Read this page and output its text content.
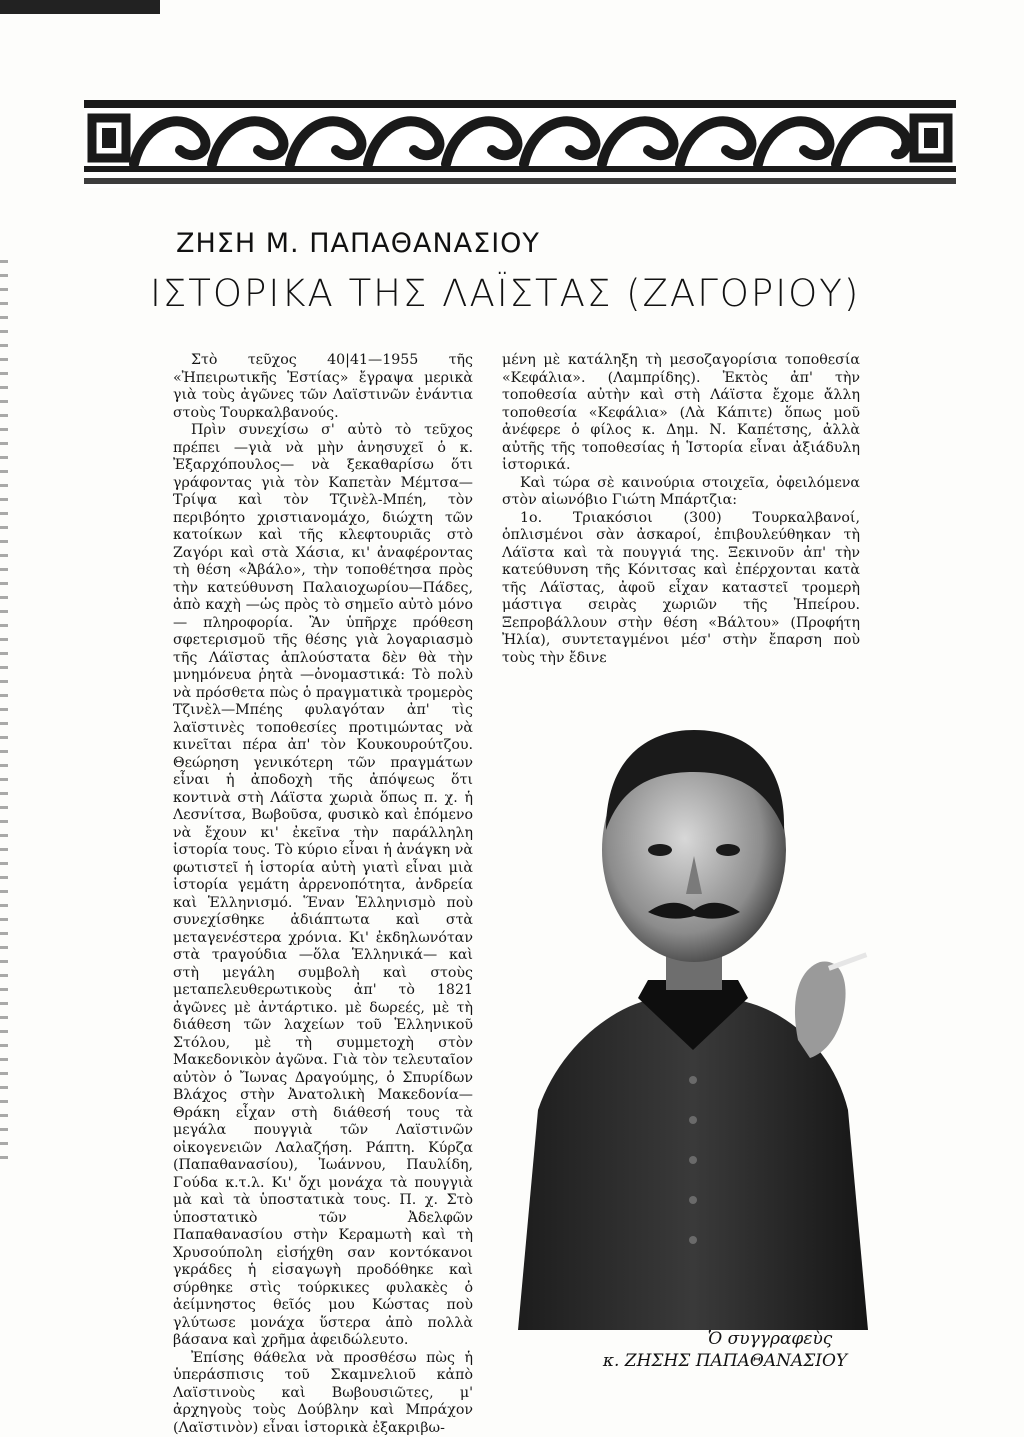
ΖΗΣΗ Μ. ΠΑΠΑΘΑΝΑΣΙΟΥ
ΙΣΤΟΡΙΚΑ ΤΗΣ ΛΑΪΣΤΑΣ (ΖΑΓΟΡΙΟΥ)

Στὸ τεῦχος 40|41—1955 τῆς «Ἠπειρωτικῆς Ἑστίας» ἔγραψα μερικὰ γιὰ τοὺς ἀγῶνες τῶν Λαϊστινῶν ἐνάντια στοὺς Τουρκαλβανούς.

Πρὶν συνεχίσω σ' αὐτὸ τὸ τεῦχος πρέπει —γιὰ νὰ μὴν ἀνησυχεῖ ὁ κ. Ἐξαρχόπουλος— νὰ ξεκαθαρίσω ὅτι γράφοντας γιὰ τὸν Καπετὰν Μέμτσα—Τρίψα καὶ τὸν Τζινὲλ-Μπέη, τὸν περιβόητο χριστιανομάχο, διώχτη τῶν κατοίκων καὶ τῆς κλεφτουριᾶς στὸ Ζαγόρι καὶ στὰ Χάσια, κι' ἀναφέροντας τὴ θέση «Ἀβάλο», τὴν τοποθέτησα πρὸς τὴν κατεύθυνση Παλαιοχωρίου—Πάδες, ἀπὸ καχὴ —ὡς πρὸς τὸ σημεῖο αὐτὸ μόνο— πληροφορία. Ἂν ὑπῆρχε πρόθεση σφετερισμοῦ τῆς θέσης γιὰ λογαριασμὸ τῆς Λάϊστας ἁπλούστατα δὲν θὰ τὴν μνημόνευα ῥητὰ —ὀνομαστικά: Τὸ πολὺ νὰ πρόσθετα πὼς ὁ πραγματικὰ τρομερὸς Τζινὲλ—Μπέης φυλαγόταν ἀπ' τὶς λαϊστινὲς τοποθεσίες προτιμώντας νὰ κινεῖται πέρα ἀπ' τὸν Κουκουρούτζου. Θεώρηση γενικότερη τῶν πραγμάτων εἶναι ἡ ἀποδοχὴ τῆς ἀπόψεως ὅτι κοντινὰ στὴ Λάϊστα χωριὰ ὅπως π. χ. ἡ Λεσνίτσα, Βωβοῦσα, φυσικὸ καὶ ἐπόμενο νὰ ἔχουν κι' ἐκεῖνα τὴν παράλληλη ἱστορία τους. Τὸ κύριο εἶναι ἡ ἀνάγκη νὰ φωτιστεῖ ἡ ἱστορία αὐτὴ γιατὶ εἶναι μιὰ ἱστορία γεμάτη ἀρρενοπότητα, ἀνδρεία καὶ Ἑλληνισμό. Ἕναν Ἑλληνισμὸ ποὺ συνεχίσθηκε ἀδιάπτωτα καὶ στὰ μεταγενέστερα χρόνια. Κι' ἐκδηλωνόταν στὰ τραγούδια —ὅλα Ἑλληνικά— καὶ στὴ μεγάλη συμβολὴ καὶ στοὺς μεταπελευθερωτικοὺς ἀπ' τὸ 1821 ἀγῶνες μὲ ἀντάρτικο. μὲ δωρεές, μὲ τὴ διάθεση τῶν λαχείων τοῦ Ἑλληνικοῦ Στόλου, μὲ τὴ συμμετοχὴ στὸν Μακεδονικὸν ἀγῶνα. Γιὰ τὸν τελευταῖον αὐτὸν ὁ Ἴωνας Δραγούμης, ὁ Σπυρίδων Βλάχος στὴν Ἀνατολικὴ Μακεδονία— Θράκη εἶχαν στὴ διάθεσή τους τὰ μεγάλα πουγγιὰ τῶν Λαϊστινῶν οἰκογενειῶν Λαλαζήση. Ράπτη. Κύρζα (Παπαθανασίου), Ἰωάννου, Παυλίδη, Γούδα κ.τ.λ. Κι' ὄχι μονάχα τὰ πουγγιὰ μὰ καὶ τὰ ὑποστατικὰ τους. Π. χ. Στὸ ὑποστατικὸ τῶν Ἀδελφῶν Παπαθανασίου στὴν Κεραμωτὴ καὶ τὴ Χρυσούπολη εἰσήχθη σαν κοντόκανοι γκράδες ἡ εἰσαγωγὴ προδόθηκε καὶ σύρθηκε στὶς τούρκικες φυλακὲς ὁ ἀείμνηστος θεῖός μου Κώστας ποὺ γλύτωσε μονάχα ὕστερα ἀπὸ πολλὰ βάσανα καὶ χρῆμα ἀφειδώλευτο.

Ἐπίσης θάθελα νὰ προσθέσω πὼς ἡ ὑπεράσπισις τοῦ Σκαμνελιοῦ κἀπὸ Λαϊστινοὺς καὶ Βωβουσιῶτες, μ' ἀρχηγοὺς τοὺς Δούβλην καὶ Μπράχον (Λαϊστινὸν) εἶναι ἱστορικὰ ἐξακριβω-

μένη μὲ κατάληξη τὴ μεσοζαγορίσια τοποθεσία «Κεφάλια». (Λαμπρίδης). Ἐκτὸς ἀπ' τὴν τοποθεσία αὐτὴν καὶ στὴ Λάϊστα ἔχομε ἄλλη τοποθεσία «Κεφάλια» (Λὰ Κάπιτε) ὅπως μοῦ ἀνέφερε ὁ φίλος κ. Δημ. Ν. Καπέτσης, ἀλλὰ αὐτῆς τῆς τοποθεσίας ἡ Ἱστορία εἶναι ἀξιάδυλη ἱστορικά.

Καὶ τώρα σὲ καινούρια στοιχεῖα, ὀφειλόμενα στὸν αἰωνόβιο Γιώτη Μπάρτζια:

1ο. Τριακόσιοι (300) Τουρκαλβανοί, ὁπλισμένοι σὰν ἀσκαροί, ἐπιβουλεύθηκαν τὴ Λάϊστα καὶ τὰ πουγγιά της. Ξεκινοῦν ἀπ' τὴν κατεύθυνση τῆς Κόνιτσας καὶ ἐπέρχονται κατὰ τῆς Λάϊστας, ἀφοῦ εἶχαν καταστεῖ τρομερὴ μάστιγα σειρὰς χωριῶν τῆς Ἠπείρου. Ξεπροβάλλουν στὴν θέση «Βάλτου» (Προφήτη Ἠλία), συντεταγμένοι μέσ' στὴν ἔπαρση ποὺ τοὺς τὴν ἔδινε

Ὁ συγγραφεὺς
κ. ΖΗΣΗΣ ΠΑΠΑΘΑΝΑΣΙΟΥ
